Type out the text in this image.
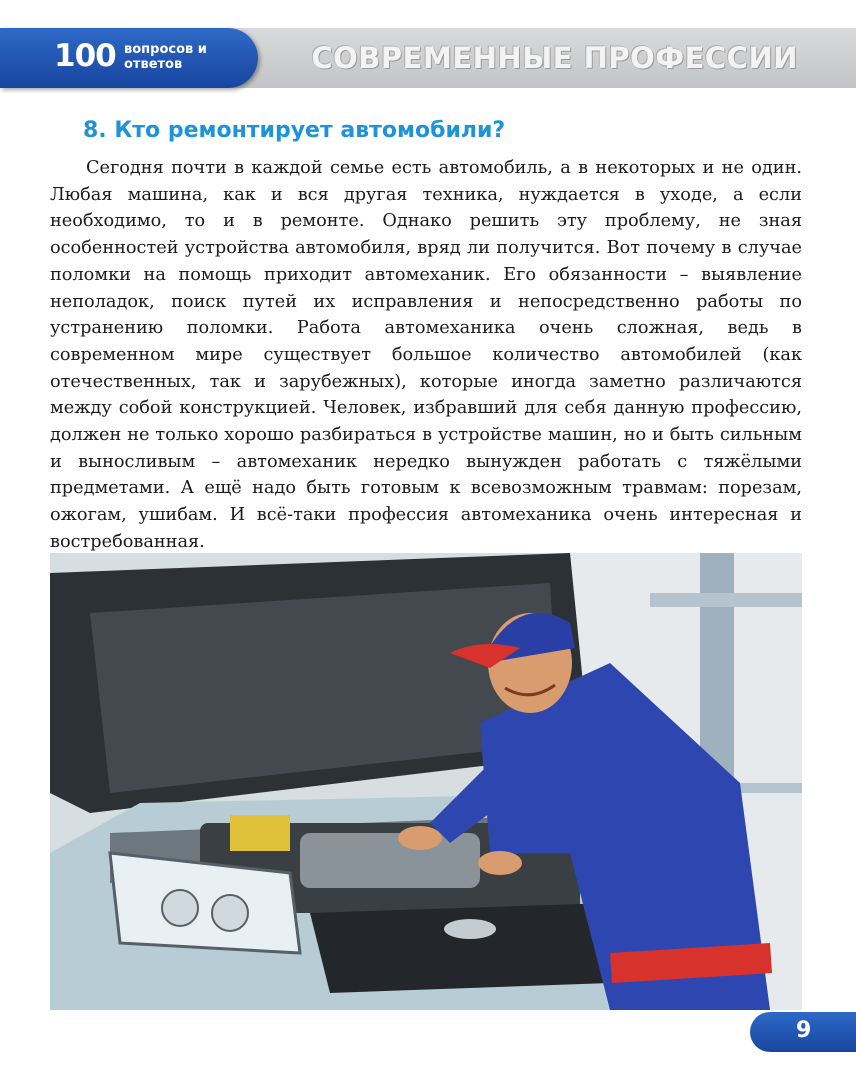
100 вопросов и ответов	СОВРЕМЕННЫЕ ПРОФЕССИИ
8. Кто ремонтирует автомобили?

Сегодня почти в каждой семье есть автомобиль, а в некоторых и не один. Любая машина, как и вся другая техника, нуждается в уходе, а если необходимо, то и в ремонте. Однако решить эту проблему, не зная особенностей устройства автомобиля, вряд ли получится. Вот почему в случае поломки на помощь приходит автомеханик. Его обязанности – выявление неполадок, поиск путей их исправления и непосредственно работы по устранению поломки. Работа автомеханика очень сложная, ведь в современном мире существует большое количество автомобилей (как отечественных, так и зарубежных), которые иногда заметно различаются между собой конструкцией. Человек, избравший для себя данную профессию, должен не только хорошо разбираться в устройстве машин, но и быть сильным и выносливым – автомеханик нередко вынужден работать с тяжёлыми предметами. А ещё надо быть готовым к всевозможным травмам: порезам, ожогам, ушибам. И всё-таки профессия автомеханика очень интересная и востребованная.

9
